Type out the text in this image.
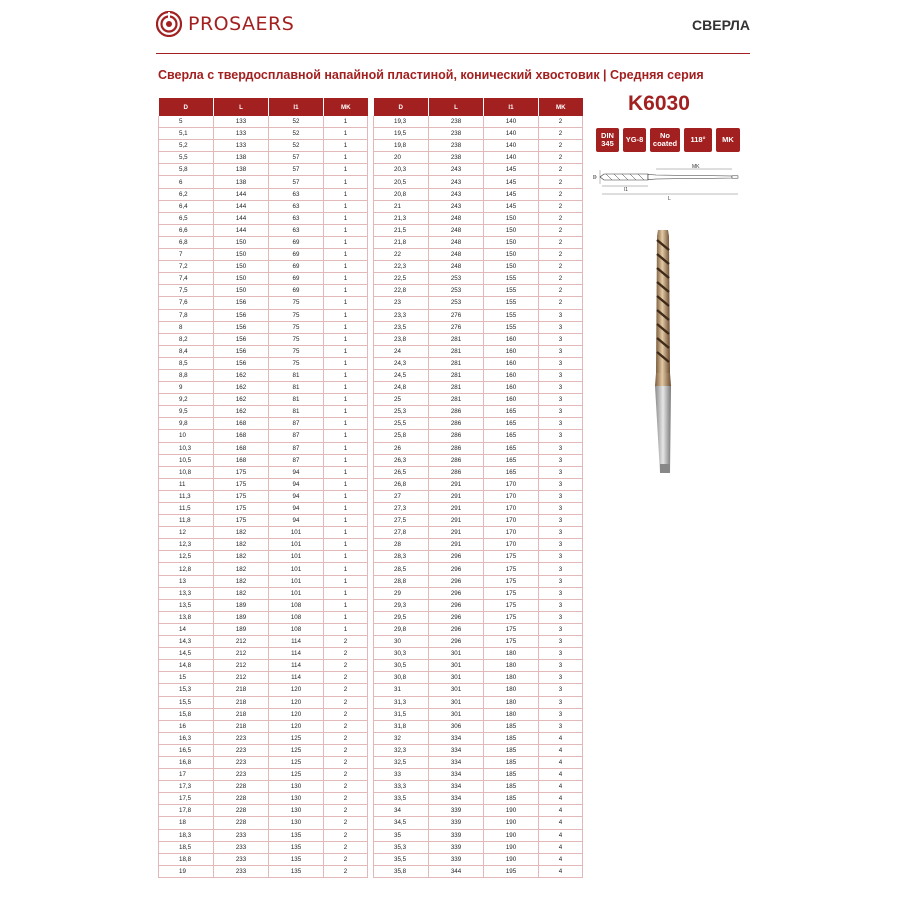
PROSAERS	СВЕРЛА
Сверла с твердосплавной напайной пластиной, конический хвостовик | Средняя серия
D	L	l1	MK
5	133	52	1
5,1	133	52	1
5,2	133	52	1
5,5	138	57	1
5,8	138	57	1
6	138	57	1
6,2	144	63	1
6,4	144	63	1
6,5	144	63	1
6,6	144	63	1
6,8	150	69	1
7	150	69	1
7,2	150	69	1
7,4	150	69	1
7,5	150	69	1
7,6	156	75	1
7,8	156	75	1
8	156	75	1
8,2	156	75	1
8,4	156	75	1
8,5	156	75	1
8,8	162	81	1
9	162	81	1
9,2	162	81	1
9,5	162	81	1
9,8	168	87	1
10	168	87	1
10,3	168	87	1
10,5	168	87	1
10,8	175	94	1
11	175	94	1
11,3	175	94	1
11,5	175	94	1
11,8	175	94	1
12	182	101	1
12,3	182	101	1
12,5	182	101	1
12,8	182	101	1
13	182	101	1
13,3	182	101	1
13,5	189	108	1
13,8	189	108	1
14	189	108	1
14,3	212	114	2
14,5	212	114	2
14,8	212	114	2
15	212	114	2
15,3	218	120	2
15,5	218	120	2
15,8	218	120	2
16	218	120	2
16,3	223	125	2
16,5	223	125	2
16,8	223	125	2
17	223	125	2
17,3	228	130	2
17,5	228	130	2
17,8	228	130	2
18	228	130	2
18,3	233	135	2
18,5	233	135	2
18,8	233	135	2
19	233	135	2
D	L	l1	MK
19,3	238	140	2
19,5	238	140	2
19,8	238	140	2
20	238	140	2
20,3	243	145	2
20,5	243	145	2
20,8	243	145	2
21	243	145	2
21,3	248	150	2
21,5	248	150	2
21,8	248	150	2
22	248	150	2
22,3	248	150	2
22,5	253	155	2
22,8	253	155	2
23	253	155	2
23,3	276	155	3
23,5	276	155	3
23,8	281	160	3
24	281	160	3
24,3	281	160	3
24,5	281	160	3
24,8	281	160	3
25	281	160	3
25,3	286	165	3
25,5	286	165	3
25,8	286	165	3
26	286	165	3
26,3	286	165	3
26,5	286	165	3
26,8	291	170	3
27	291	170	3
27,3	291	170	3
27,5	291	170	3
27,8	291	170	3
28	291	170	3
28,3	296	175	3
28,5	296	175	3
28,8	296	175	3
29	296	175	3
29,3	296	175	3
29,5	296	175	3
29,8	296	175	3
30	296	175	3
30,3	301	180	3
30,5	301	180	3
30,8	301	180	3
31	301	180	3
31,3	301	180	3
31,5	301	180	3
31,8	306	185	3
32	334	185	4
32,3	334	185	4
32,5	334	185	4
33	334	185	4
33,3	334	185	4
33,5	334	185	4
34	339	190	4
34,5	339	190	4
35	339	190	4
35,3	339	190	4
35,5	339	190	4
35,8	344	195	4
K6030
DIN
345 YG-8	No
coated 118° MK
D
MK
l1
L
